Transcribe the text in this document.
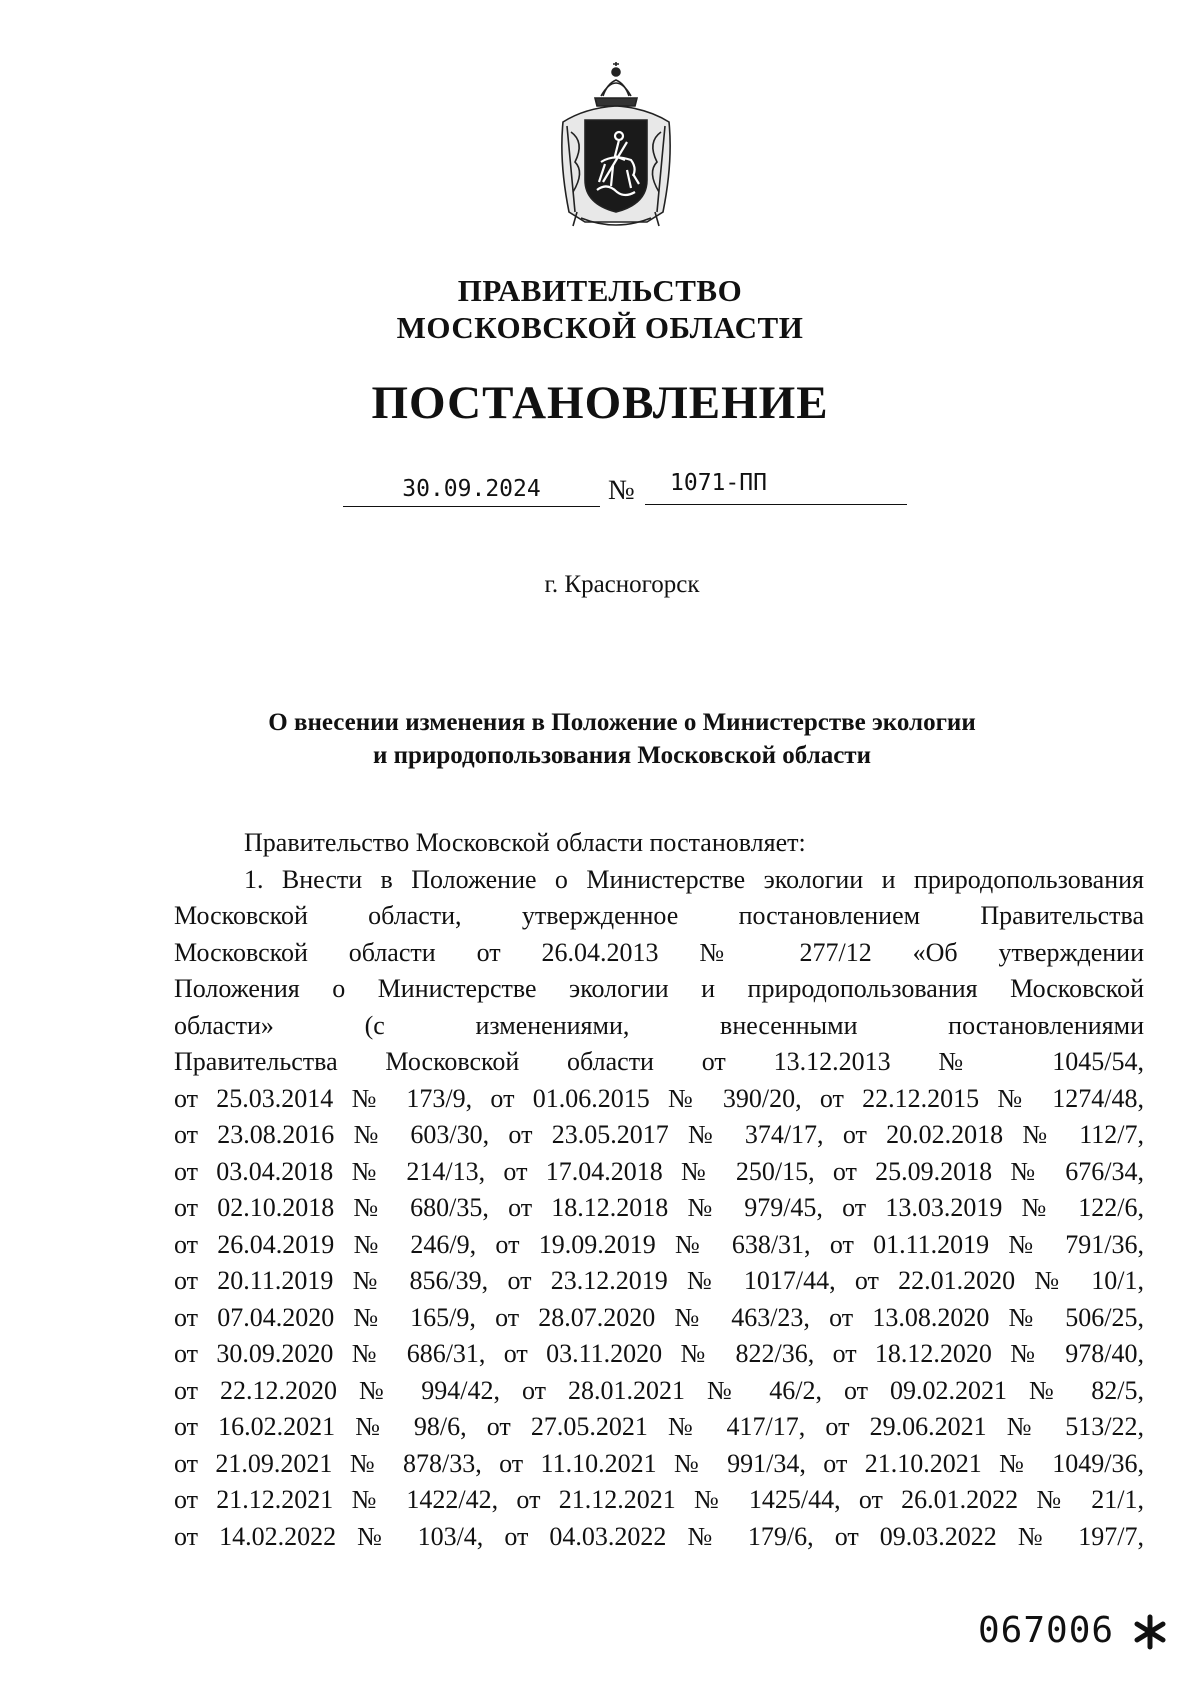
ПРАВИТЕЛЬСТВО
МОСКОВСКОЙ ОБЛАСТИ
ПОСТАНОВЛЕНИЕ
30.09.2024	№	1071-ПП
г. Красногорск
О внесении изменения в Положение о Министерстве экологии
и природопользования Московской области

Правительство Московской области постановляет:

1. Внести в Положение о Министерстве экологии и природопользования
Московской области, утвержденное постановлением Правительства
Московской области от 26.04.2013 № 277/12 «Об утверждении
Положения о Министерстве экологии и природопользования Московской
области» (с изменениями, внесенными постановлениями
Правительства Московской области от 13.12.2013 № 1045/54,
от 25.03.2014 № 173/9, от 01.06.2015 № 390/20, от 22.12.2015 № 1274/48,
от 23.08.2016 № 603/30, от 23.05.2017 № 374/17, от 20.02.2018 № 112/7,
от 03.04.2018 № 214/13, от 17.04.2018 № 250/15, от 25.09.2018 № 676/34,
от 02.10.2018 № 680/35, от 18.12.2018 № 979/45, от 13.03.2019 № 122/6,
от 26.04.2019 № 246/9, от 19.09.2019 № 638/31, от 01.11.2019 № 791/36,
от 20.11.2019 № 856/39, от 23.12.2019 № 1017/44, от 22.01.2020 № 10/1,
от 07.04.2020 № 165/9, от 28.07.2020 № 463/23, от 13.08.2020 № 506/25,
от 30.09.2020 № 686/31, от 03.11.2020 № 822/36, от 18.12.2020 № 978/40,
от 22.12.2020 № 994/42, от 28.01.2021 № 46/2, от 09.02.2021 № 82/5,
от 16.02.2021 № 98/6, от 27.05.2021 № 417/17, от 29.06.2021 № 513/22,
от 21.09.2021 № 878/33, от 11.10.2021 № 991/34, от 21.10.2021 № 1049/36,
от 21.12.2021 № 1422/42, от 21.12.2021 № 1425/44, от 26.01.2022 № 21/1,
от 14.02.2022 № 103/4, от 04.03.2022 № 179/6, от 09.03.2022 № 197/7,
067006
